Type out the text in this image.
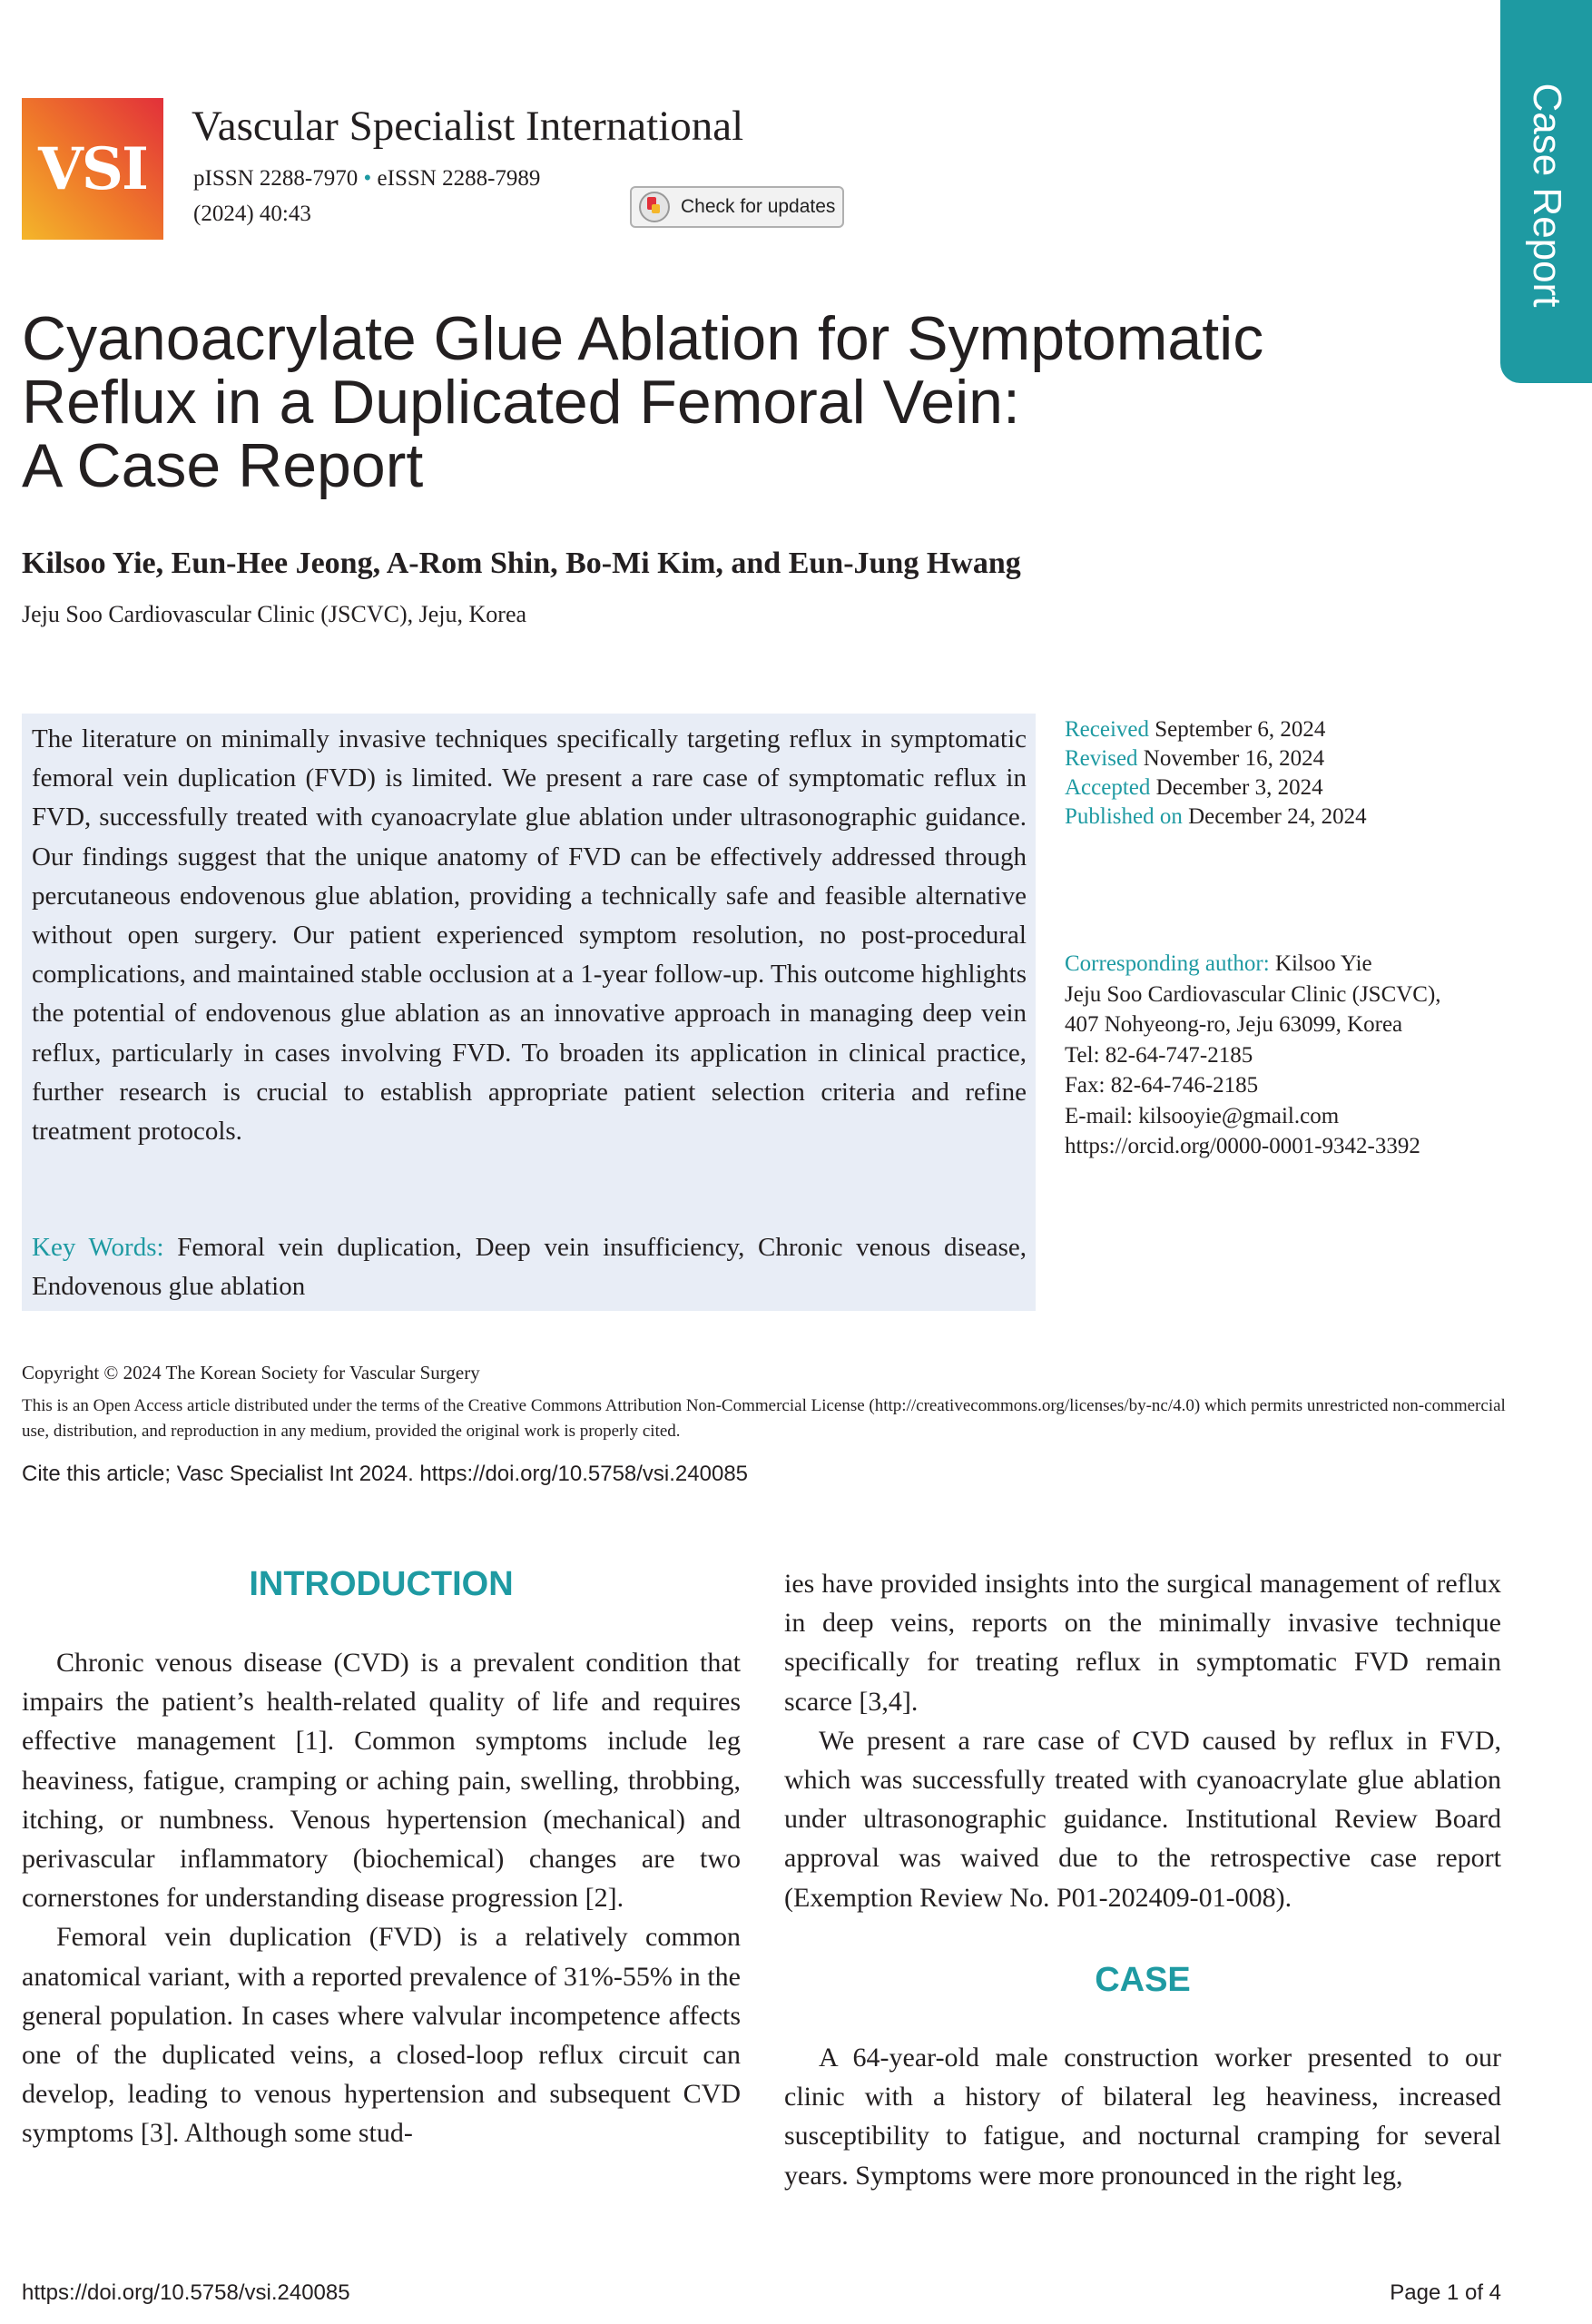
VSI
Vascular Specialist International
pISSN 2288-7970 • eISSN 2288-7989
(2024) 40:43	Check for updates	Case Report
Cyanoacrylate Glue Ablation for Symptomatic
Reflux in a Duplicated Femoral Vein:
A Case Report
Kilsoo Yie, Eun-Hee Jeong, A-Rom Shin, Bo-Mi Kim, and Eun-Jung Hwang
Jeju Soo Cardiovascular Clinic (JSCVC), Jeju, Korea

The literature on minimally invasive techniques specifically targeting reflux in symptomatic femoral vein duplication (FVD) is limited. We present a rare case of symptomatic reflux in FVD, successfully treated with cyanoacrylate glue ablation under ultrasonographic guidance. Our findings suggest that the unique anatomy of FVD can be effectively addressed through percutaneous endovenous glue ablation, providing a technically safe and feasible alternative without open surgery. Our patient experienced symptom resolution, no post-procedural complications, and maintained stable occlusion at a 1-year follow-up. This outcome highlights the potential of endovenous glue ablation as an innovative approach in managing deep vein reflux, particularly in cases involving FVD. To broaden its application in clinical practice, further research is crucial to establish appropriate patient selection criteria and refine treatment protocols.

Key Words: Femoral vein duplication, Deep vein insufficiency, Chronic venous disease, Endovenous glue ablation

Received September 6, 2024
Revised November 16, 2024
Accepted December 3, 2024
Published on December 24, 2024
Corresponding author: Kilsoo Yie
Jeju Soo Cardiovascular Clinic (JSCVC),
407 Nohyeong-ro, Jeju 63099, Korea
Tel: 82-64-747-2185
Fax: 82-64-746-2185
E-mail: kilsooyie@gmail.com
https://orcid.org/0000-0001-9342-3392
Copyright © 2024 The Korean Society for Vascular Surgery
This is an Open Access article distributed under the terms of the Creative Commons Attribution Non-Commercial License (http://creativecommons.org/licenses/by-nc/4.0) which permits unrestricted non-commercial use, distribution, and reproduction in any medium, provided the original work is properly cited.
Cite this article; Vasc Specialist Int 2024. https://doi.org/10.5758/vsi.240085
INTRODUCTION

Chronic venous disease (CVD) is a prevalent condition that impairs the patient’s health-related quality of life and requires effective management [1]. Common symptoms include leg heaviness, fatigue, cramping or aching pain, swelling, throbbing, itching, or numbness. Venous hypertension (mechanical) and perivascular inflammatory (biochemical) changes are two cornerstones for understanding disease progression [2].

Femoral vein duplication (FVD) is a relatively common anatomical variant, with a reported prevalence of 31%-55% in the general population. In cases where valvular incompetence affects one of the duplicated veins, a closed-loop reflux circuit can develop, leading to venous hypertension and subsequent CVD symptoms [3]. Although some stud-

ies have provided insights into the surgical management of reflux in deep veins, reports on the minimally invasive technique specifically for treating reflux in symptomatic FVD remain scarce [3,4].

We present a rare case of CVD caused by reflux in FVD, which was successfully treated with cyanoacrylate glue ablation under ultrasonographic guidance. Institutional Review Board approval was waived due to the retrospective case report (Exemption Review No. P01-202409-01-008).

CASE

A 64-year-old male construction worker presented to our clinic with a history of bilateral leg heaviness, increased susceptibility to fatigue, and nocturnal cramping for several years. Symptoms were more pronounced in the right leg,

https://doi.org/10.5758/vsi.240085	Page 1 of 4
